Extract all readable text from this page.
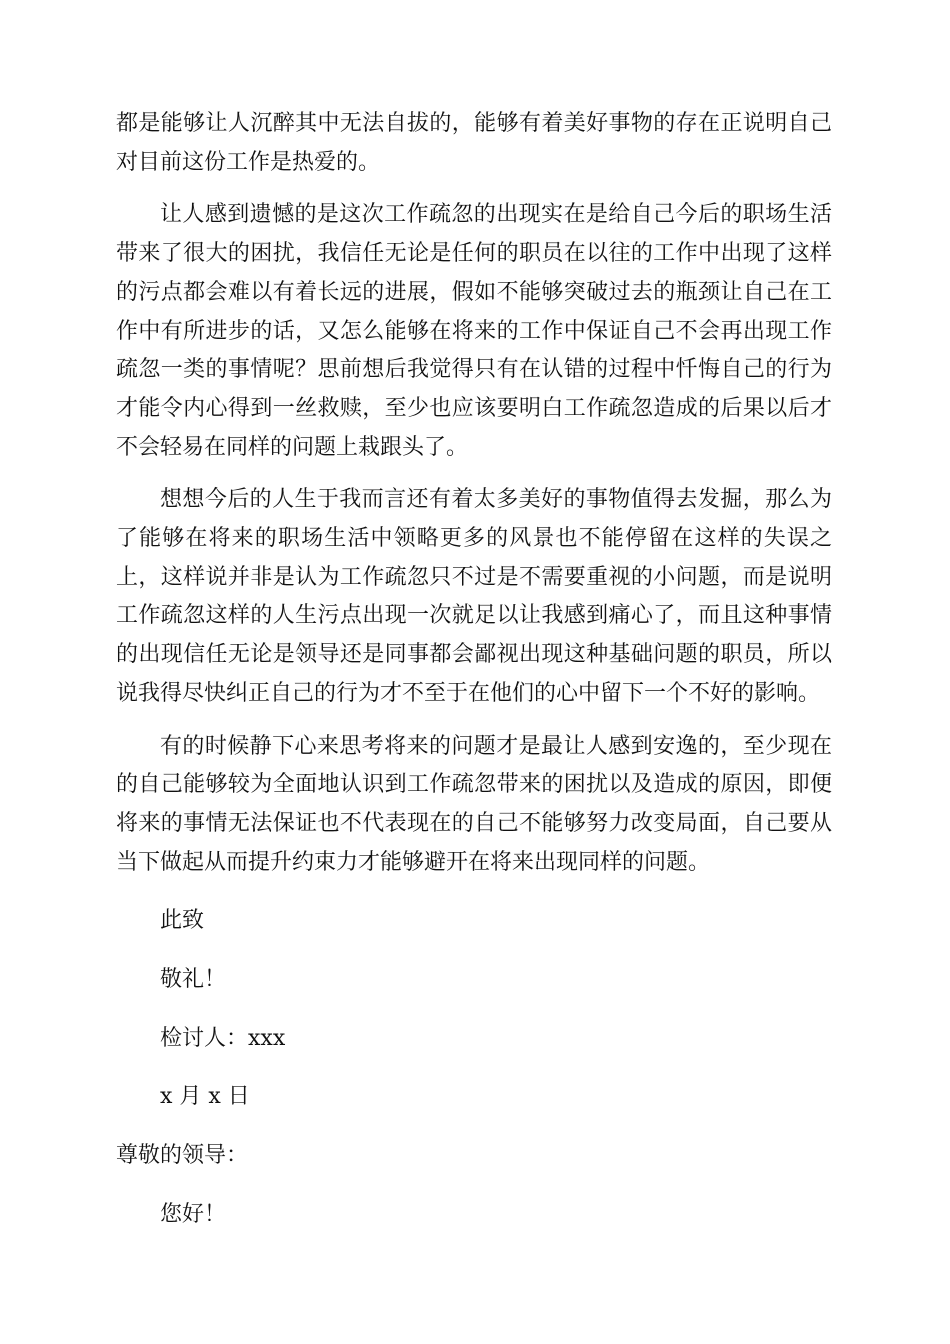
都是能够让人沉醉其中无法自拔的，能够有着美好事物的存在正说明自己对目前这份工作是热爱的。

让人感到遗憾的是这次工作疏忽的出现实在是给自己今后的职场生活带来了很大的困扰，我信任无论是任何的职员在以往的工作中出现了这样的污点都会难以有着长远的进展，假如不能够突破过去的瓶颈让自己在工作中有所进步的话，又怎么能够在将来的工作中保证自己不会再出现工作疏忽一类的事情呢？思前想后我觉得只有在认错的过程中忏悔自己的行为才能令内心得到一丝救赎，至少也应该要明白工作疏忽造成的后果以后才不会轻易在同样的问题上栽跟头了。

想想今后的人生于我而言还有着太多美好的事物值得去发掘，那么为了能够在将来的职场生活中领略更多的风景也不能停留在这样的失误之上，这样说并非是认为工作疏忽只不过是不需要重视的小问题，而是说明工作疏忽这样的人生污点出现一次就足以让我感到痛心了，而且这种事情的出现信任无论是领导还是同事都会鄙视出现这种基础问题的职员，所以说我得尽快纠正自己的行为才不至于在他们的心中留下一个不好的影响。

有的时候静下心来思考将来的问题才是最让人感到安逸的，至少现在的自己能够较为全面地认识到工作疏忽带来的困扰以及造成的原因，即便将来的事情无法保证也不代表现在的自己不能够努力改变局面，自己要从当下做起从而提升约束力才能够避开在将来出现同样的问题。

此致

敬礼！

检讨人：xxx

x 月 x 日

尊敬的领导：

您好！
